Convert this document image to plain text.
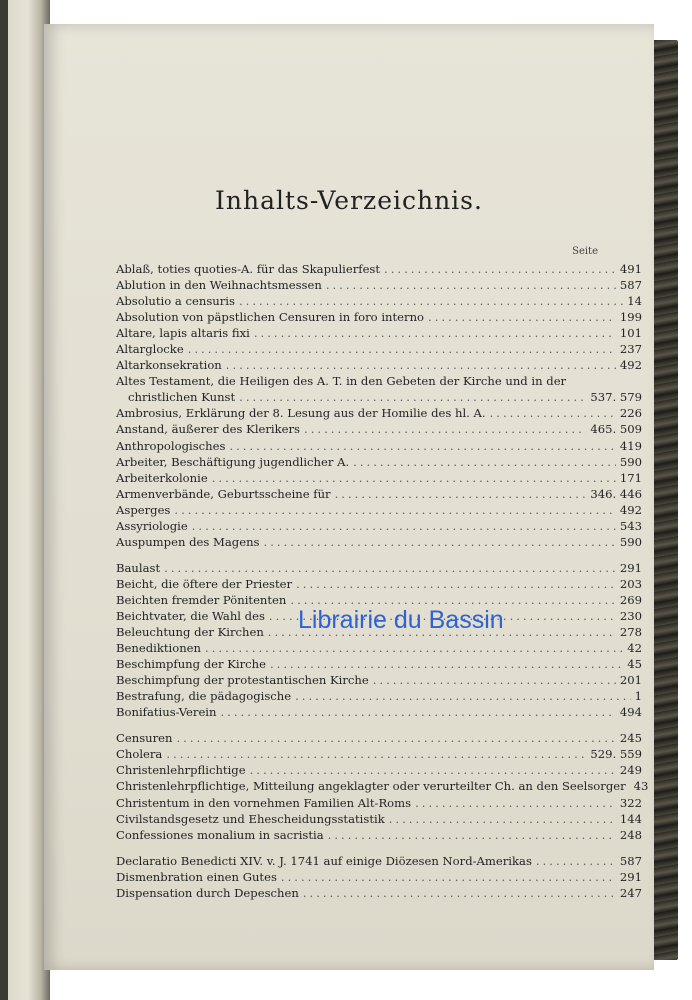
Inhalts-Verzeichnis.
Seite
Ablaß, toties quoties-A. für das Skapulierfest .....	491
Ablution in den Weihnachtsmessen .....	587
Absolutio a censuris .....	14
Absolution von päpstlichen Censuren in foro interno .....	199
Altare, lapis altaris fixi .....	101
Altarglocke .....	237
Altarkonsekration .....	492
Altes Testament, die Heiligen des A. T. in den Gebeten der Kirche und in der
christlichen Kunst .....	537. 579
Ambrosius, Erklärung der 8. Lesung aus der Homilie des hl. A. .....	226
Anstand, äußerer des Klerikers .....	465. 509
Anthropologisches .....	419
Arbeiter, Beschäftigung jugendlicher A. .....	590
Arbeiterkolonie .....	171
Armenverbände, Geburtsscheine für .....	346. 446
Asperges .....	492
Assyriologie .....	543
Auspumpen des Magens .....	590
Baulast .....	291
Beicht, die öftere der Priester .....	203
Beichten fremder Pönitenten .....	269
Beichtvater, die Wahl des .....	230
Beleuchtung der Kirchen .....	278
Benediktionen .....	42
Beschimpfung der Kirche .....	45
Beschimpfung der protestantischen Kirche .....	201
Bestrafung, die pädagogische .....	1
Bonifatius-Verein .....	494
Censuren .....	245
Cholera .....	529. 559
Christenlehrpflichtige .....	249
Christenlehrpflichtige, Mitteilung angeklagter oder verurteilter Ch. an den Seelsorger 43
Christentum in den vornehmen Familien Alt-Roms .....	322
Civilstandsgesetz und Ehescheidungsstatistik .....	144
Confessiones monalium in sacristia .....	248
Declaratio Benedicti XIV. v. J. 1741 auf einige Diözesen Nord-Amerikas .....	587
Dismenbration einen Gutes .....	291
Dispensation durch Depeschen .....	247
Librairie du Bassin
